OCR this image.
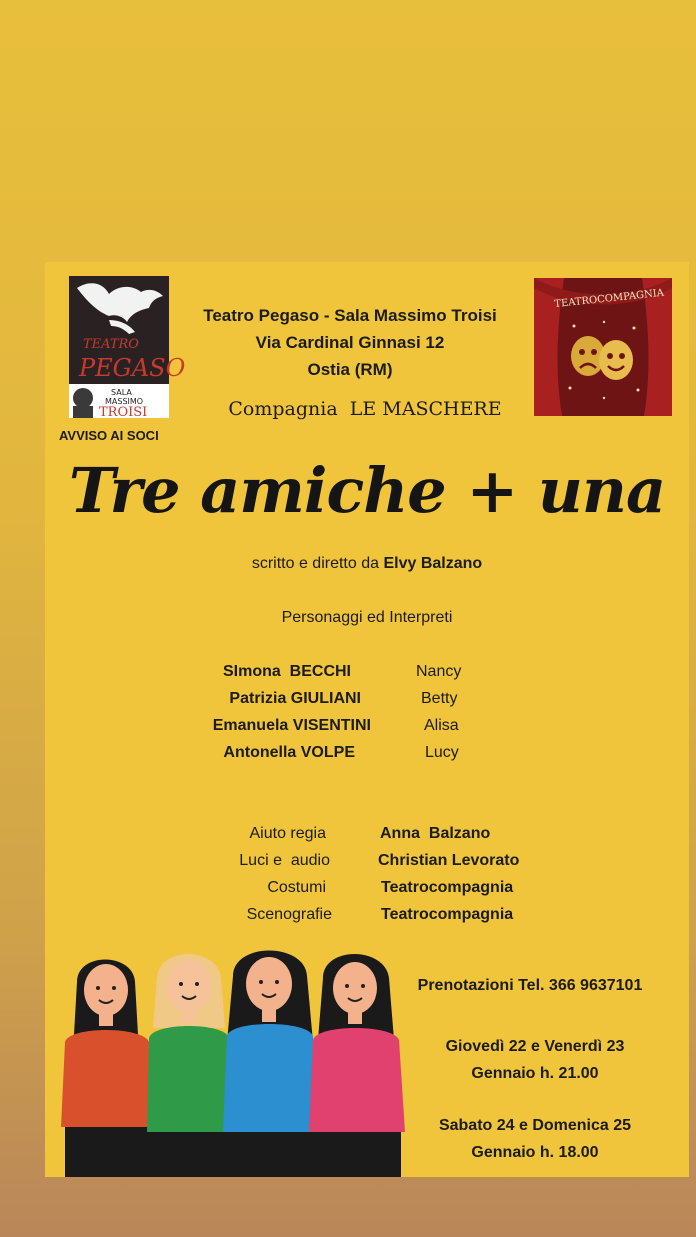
TEATRO
PEGASO
SALA
MASSIMO
TROISI
TEATROCOMPAGNIA
Teatro Pegaso - Sala Massimo Troisi
Via Cardinal Ginnasi 12
Ostia (RM)
Compagnia  LE MASCHERE
AVVISO AI SOCI
Tre amiche + una
scritto e diretto da Elvy Balzano
Personaggi ed Interpreti
SImona  BECCHI	Nancy
Patrizia GIULIANI	Betty
Emanuela VISENTINI	Alisa
Antonella VOLPE	Lucy
Aiuto regia	Anna  Balzano
Luci e  audio	Christian Levorato
Costumi	Teatrocompagnia
Scenografie	Teatrocompagnia
Prenotazioni Tel. 366 9637101
Giovedì 22 e Venerdì 23
Gennaio h. 21.00
Sabato 24 e Domenica 25
Gennaio h. 18.00
